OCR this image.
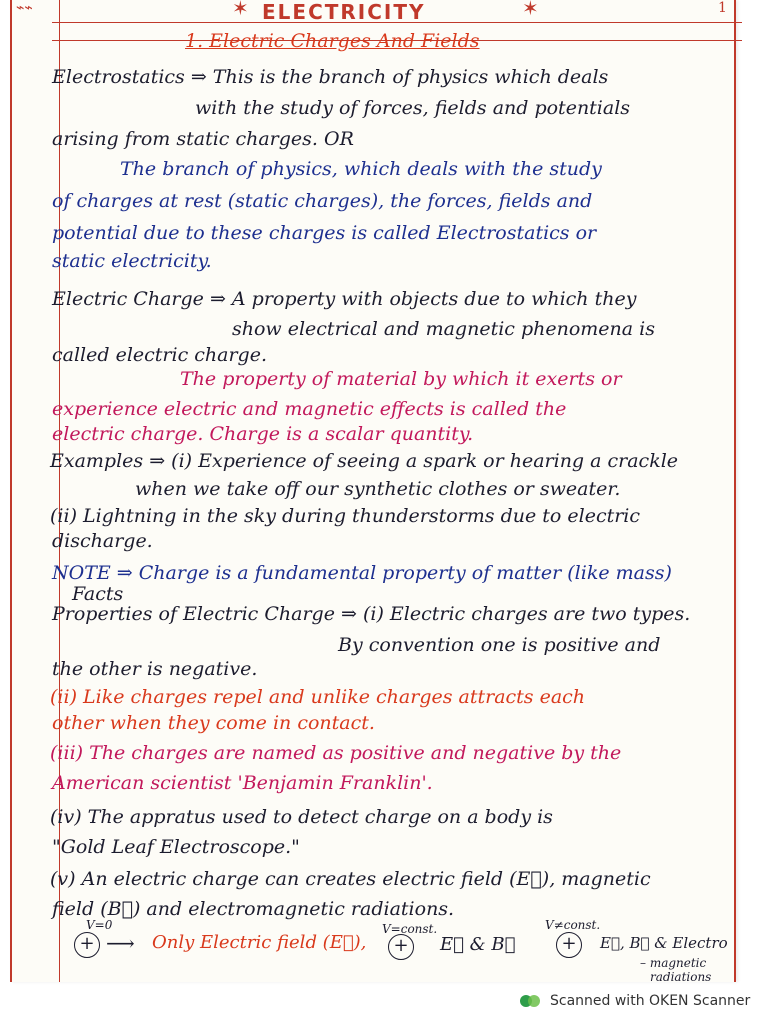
⌁⌁	✶ ELECTRICITY	✶	1
1. Electric Charges And Fields
Electrostatics ⇒ This is the branch of physics which deals
with the study of forces, fields and potentials
arising from static charges. OR
The branch of physics, which deals with the study
of charges at rest (static charges), the forces, fields and
potential due to these charges is called Electrostatics or
static electricity.
Electric Charge ⇒ A property with objects due to which they
show electrical and magnetic phenomena is
called electric charge.
The property of material by which it exerts or
experience electric and magnetic effects is called the
electric charge. Charge is a scalar quantity.
Examples ⇒ (i) Experience of seeing a spark or hearing a crackle
when we take off our synthetic clothes or sweater.
(ii) Lightning in the sky during thunderstorms due to electric
discharge.
NOTE ⇒ Charge is a fundamental property of matter (like mass)
Facts
Properties of Electric Charge ⇒ (i) Electric charges are two types.
By convention one is positive and
the other is negative.
(ii) Like charges repel and unlike charges attracts each
other when they come in contact.
(iii) The charges are named as positive and negative by the
American scientist 'Benjamin Franklin'.
(iv) The appratus used to detect charge on a body is
"Gold Leaf Electroscope."
(v) An electric charge can creates electric field (E⃗), magnetic
field (B⃗) and electromagnetic radiations.
V=0
+ ⟶ Only Electric field (E⃗),
V=const.
+	E⃗ & B⃗
V≠const.
+	E⃗, B⃗ & Electro
– magnetic
radiations
Scanned with OKEN Scanner
